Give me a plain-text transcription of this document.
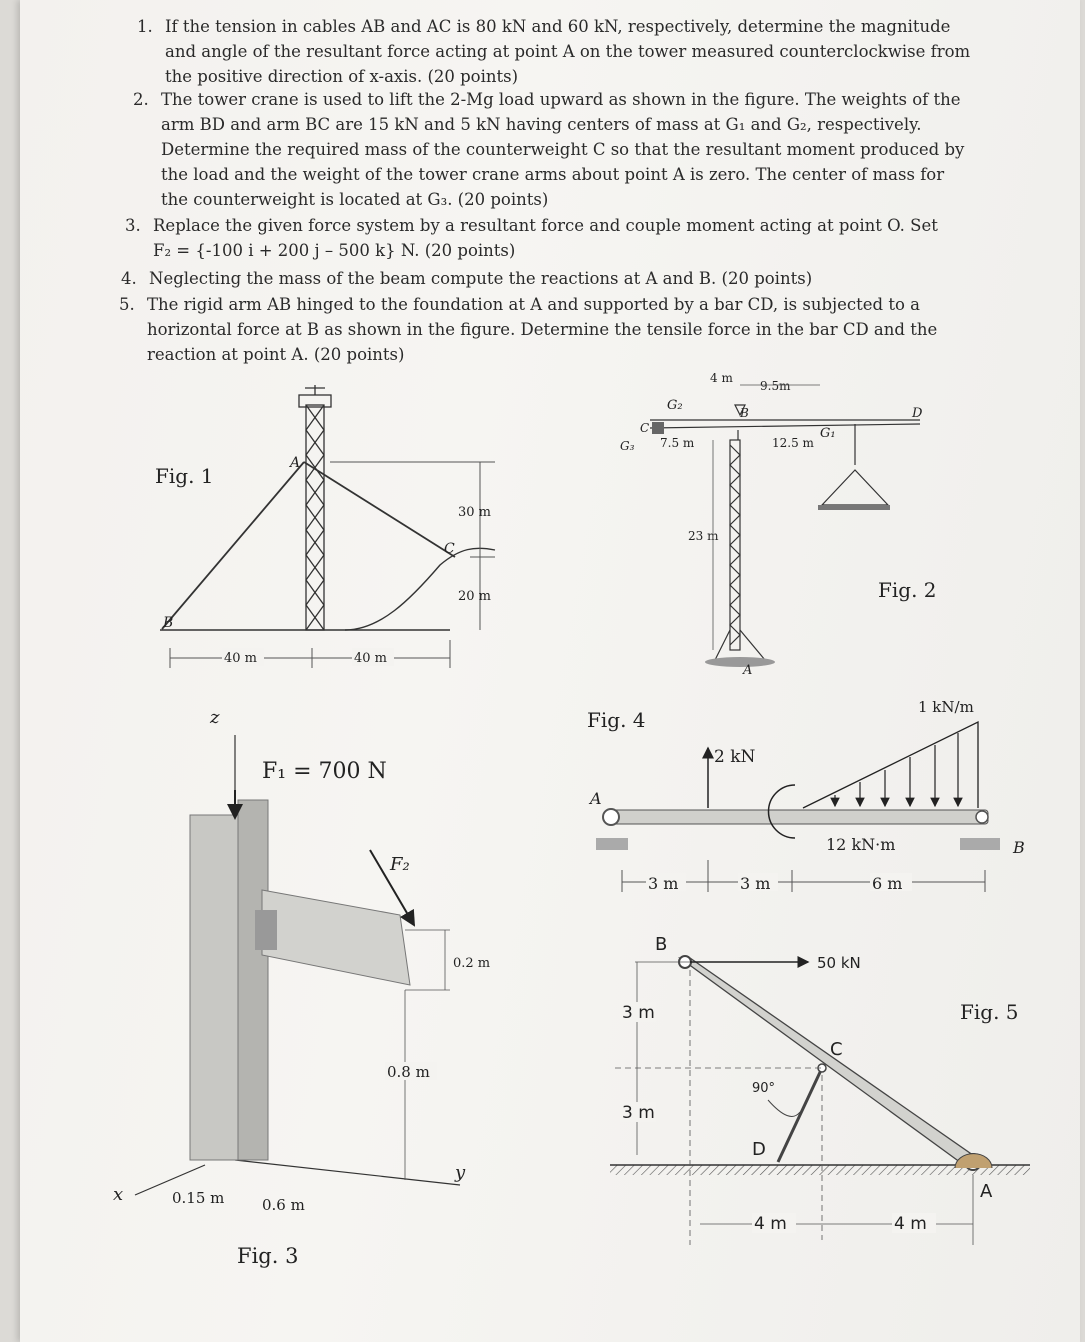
1. If the tension in cables AB and AC is 80 kN and 60 kN, respectively, determine the magnitude

and angle of the resultant force acting at point A on the tower measured counterclockwise from

the positive direction of x-axis. (20 points)

2. The tower crane is used to lift the 2-Mg load upward as shown in the figure. The weights of the

arm BD and arm BC are 15 kN and 5 kN having centers of mass at G₁ and G₂, respectively.

Determine the required mass of the counterweight C so that the resultant moment produced by

the load and the weight of the tower crane arms about point A is zero. The center of mass for

the counterweight is located at G₃. (20 points)

3. Replace the given force system by a resultant force and couple moment acting at point O. Set

F₂ = {-100 i + 200 j – 500 k} N. (20 points)

4. Neglecting the mass of the beam compute the reactions at A and B. (20 points)

5. The rigid arm AB hinged to the foundation at A and supported by a bar CD, is subjected to a

horizontal force at B as shown in the figure. Determine the tensile force in the bar CD and the

reaction at point A. (20 points)

Fig. 1
A
B
C
30 m
20 m
40 m	40 m
Fig. 2
4 m
9.5m
G₂	B	D
C
G₃ 7.5 m	12.5 m
G₁
23 m
A
z
x
y
F₁ = 700 N
F₂
0.2 m
0.8 m
0.15 m	0.6 m
Fig. 3
Fig. 4
A
B
2 kN
12 kN·m
1 kN/m
3 m	3 m	6 m
Fig. 5
50 kN
B
C
D
A
90°
3 m
3 m
4 m	4 m
